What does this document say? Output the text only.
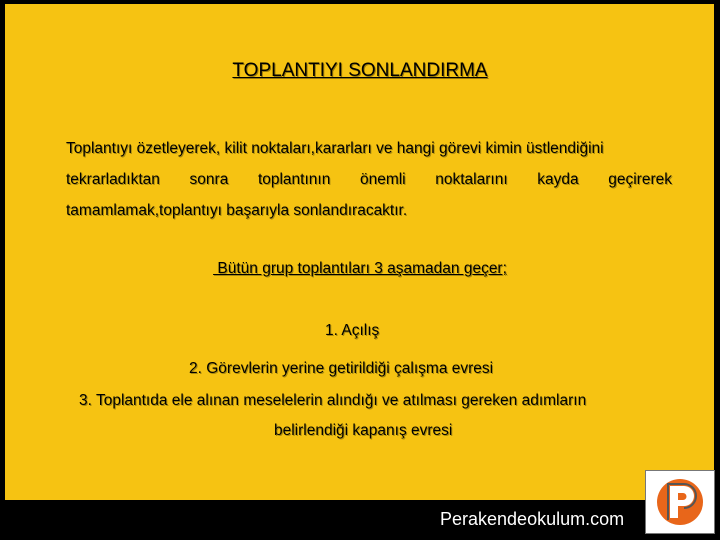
TOPLANTIYI SONLANDIRMA
Toplantıyı özetleyerek, kilit noktaları,kararları ve hangi görevi kimin üstlendiğini
tekrarladıktan sonra toplantının önemli noktalarını kayda geçirerek
tamamlamak,toplantıyı başarıyla sonlandıracaktır.
Bütün grup toplantıları 3 aşamadan geçer;
1. Açılış
2. Görevlerin yerine getirildiği çalışma evresi
3. Toplantıda ele alınan meselelerin alındığı ve atılması gereken adımların
belirlendiği kapanış evresi
Perakendeokulum.com
